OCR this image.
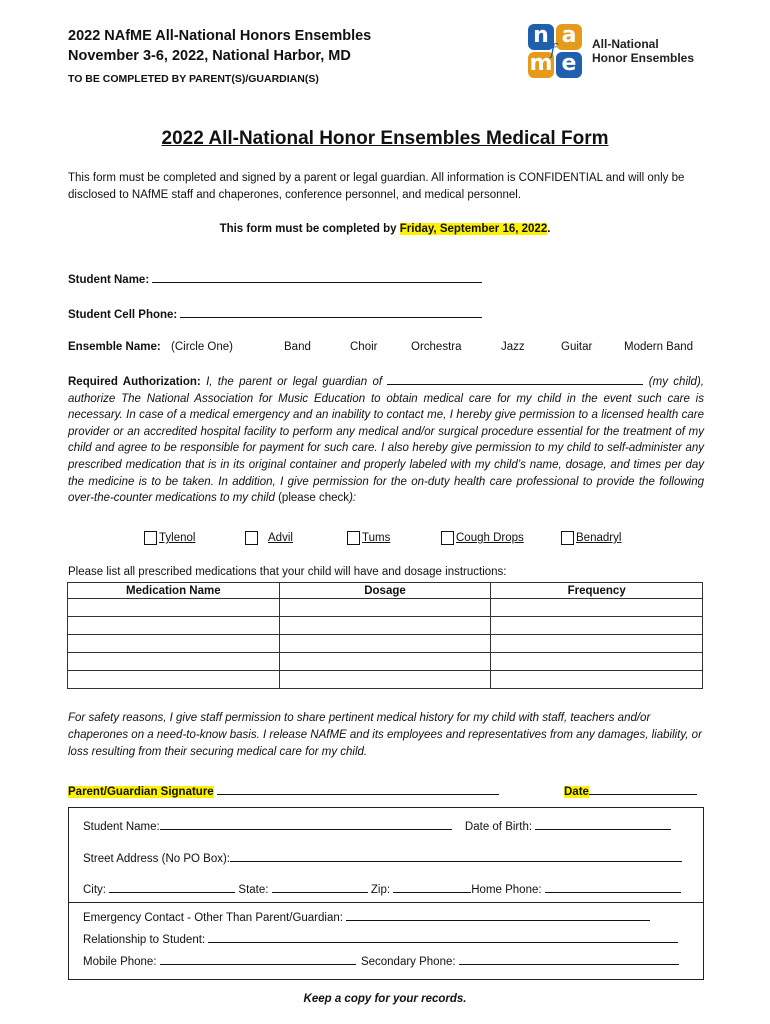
2022 NAfME All-National Honors Ensembles
November 3-6, 2022, National Harbor, MD
TO BE COMPLETED BY PARENT(S)/GUARDIAN(S)
n a
m e
f	All-National
Honor Ensembles
2022 All-National Honor Ensembles Medical Form
This form must be completed and signed by a parent or legal guardian. All information is CONFIDENTIAL and will only be disclosed to NAfME staff and chaperones, conference personnel, and medical personnel.
This form must be completed by Friday, September 16, 2022.
Student Name:
Student Cell Phone:
Ensemble Name: (Circle One)	Band	Choir	Orchestra	Jazz	Guitar	Modern Band
Required Authorization: I, the parent or legal guardian of	(my child), authorize The National Association for Music Education to obtain medical care for my child in the event such care is necessary. In case of a medical emergency and an inability to contact me, I hereby give permission to a licensed health care provider or an accredited hospital facility to perform any medical and/or surgical procedure essential for the treatment of my child and agree to be responsible for payment for such care. I also hereby give permission to my child to self-administer any prescribed medication that is in its original container and properly labeled with my child’s name, dosage, and times per day the medicine is to be taken. In addition, I give permission for the on-duty health care professional to provide the following over-the-counter medications to my child (please check):
Tylenol	Advil	Tums	Cough Drops	Benadryl
Please list all prescribed medications that your child will have and dosage instructions:
Medication Name	Dosage	Frequency

For safety reasons, I give staff permission to share pertinent medical history for my child with staff, teachers and/or chaperones on a need-to-know basis. I release NAfME and its employees and representatives from any damages, liability, or loss resulting from their securing medical care for my child.
Parent/Guardian Signature	Date
Student Name:	Date of Birth:
Street Address (No PO Box):
City:	State:	Zip:	Home Phone:
Emergency Contact - Other Than Parent/Guardian:
Relationship to Student:
Mobile Phone:	Secondary Phone:
Keep a copy for your records.
